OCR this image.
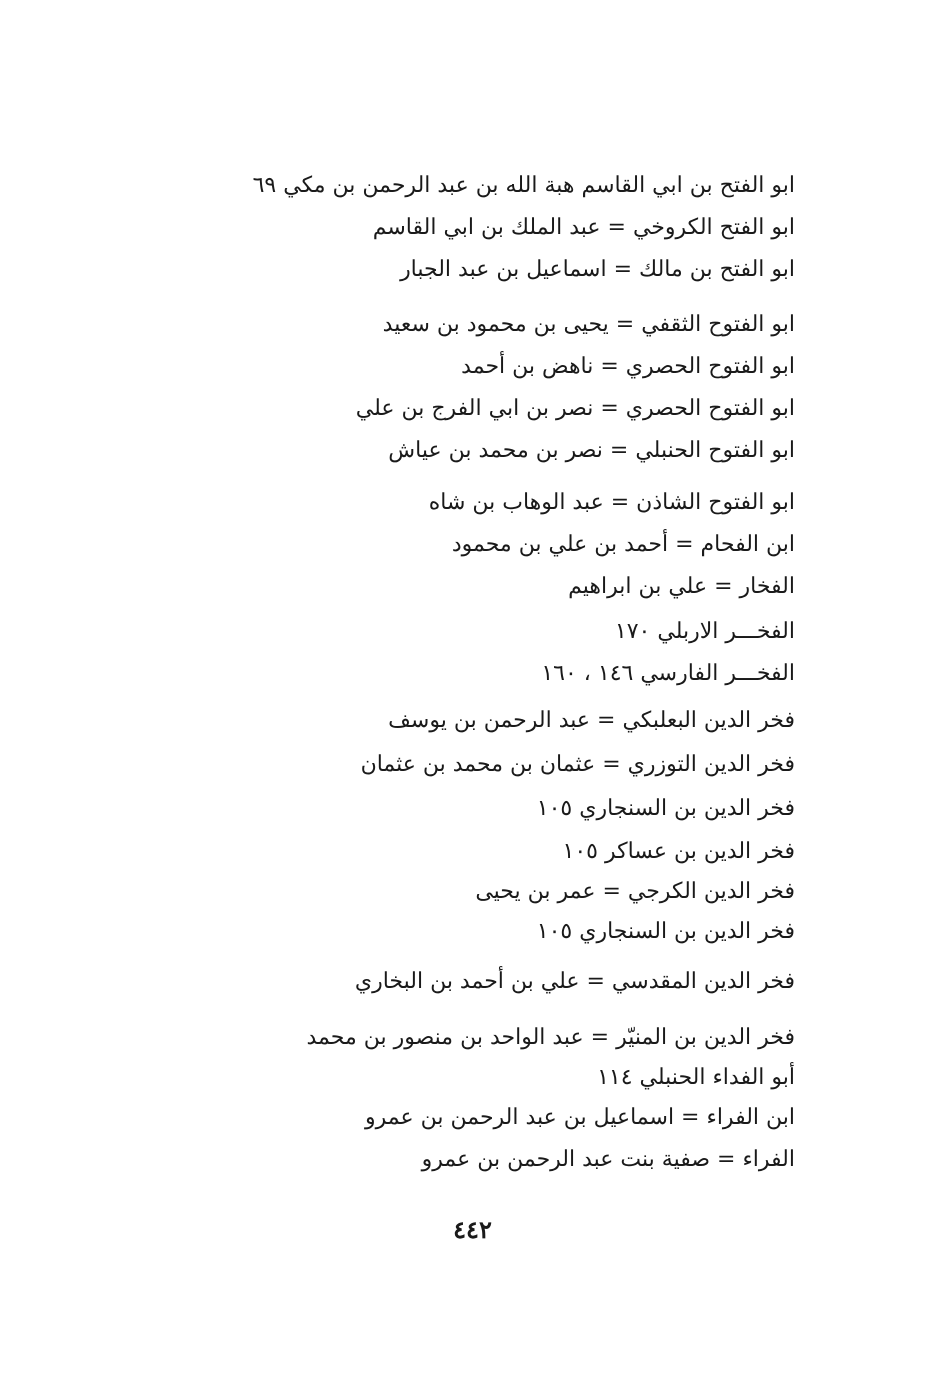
ابو الفتح بن ابي القاسم هبة الله بن عبد الرحمن بن مكي ٦٩
ابو الفتح الكروخي = عبد الملك بن ابي القاسم
ابو الفتح بن مالك = اسماعيل بن عبد الجبار
ابو الفتوح الثقفي = يحيى بن محمود بن سعيد
ابو الفتوح الحصري = ناهض بن أحمد
ابو الفتوح الحصري = نصر بن ابي الفرج بن علي
ابو الفتوح الحنبلي = نصر بن محمد بن عياش
ابو الفتوح الشاذن = عبد الوهاب بن شاه
ابن الفحام = أحمد بن علي بن محمود
الفخار = علي بن ابراهيم
الفخـــر الاربلي ١٧٠
الفخـــر الفارسي ١٤٦ ، ١٦٠
فخر الدين البعلبكي = عبد الرحمن بن يوسف
فخر الدين التوزري = عثمان بن محمد بن عثمان
فخر الدين بن السنجاري ١٠٥
فخر الدين بن عساكر ١٠٥
فخر الدين الكرجي = عمر بن يحيى
فخر الدين بن السنجاري ١٠٥
فخر الدين المقدسي = علي بن أحمد بن البخاري
فخر الدين بن المنيّر = عبد الواحد بن منصور بن محمد
أبو الفداء الحنبلي ١١٤
ابن الفراء = اسماعيل بن عبد الرحمن بن عمرو
الفراء = صفية بنت عبد الرحمن بن عمرو
٤٤٢
